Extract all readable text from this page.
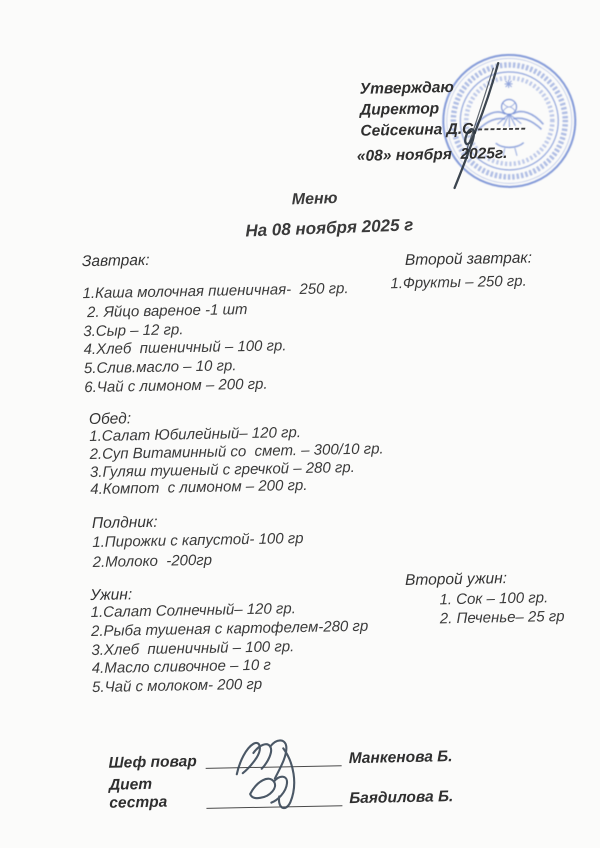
Утверждаю
Директор
Сейсекина Д.С.--------
«08» ноября  2025г.
Меню
На 08 ноября 2025 г
Завтрак:
1.Каша молочная пшеничная-  250 гр.
2. Яйцо вареное -1 шт
3.Сыр – 12 гр.
4.Хлеб  пшеничный – 100 гр.
5.Слив.масло – 10 гр.
6.Чай с лимоном – 200 гр.
Второй завтрак:
1.Фрукты – 250 гр.
Обед:
1.Салат Юбилейный– 120 гр.
2.Суп Витаминный со  смет. – 300/10 гр.
3.Гуляш тушеный с гречкой – 280 гр.
4.Компот  с лимоном – 200 гр.
Полдник:
1.Пирожки с капустой- 100 гр
2.Молоко  -200гр
Ужин:
1.Салат Солнечный– 120 гр.
2.Рыба тушеная с картофелем-280 гр
3.Хлеб  пшеничный – 100 гр.
4.Масло сливочное – 10 г
5.Чай с молоком- 200 гр
Второй ужин:
1. Сок – 100 гр.
2. Печенье– 25 гр
Шеф повар	Манкенова Б.
Диет сестра	Баядилова Б.
